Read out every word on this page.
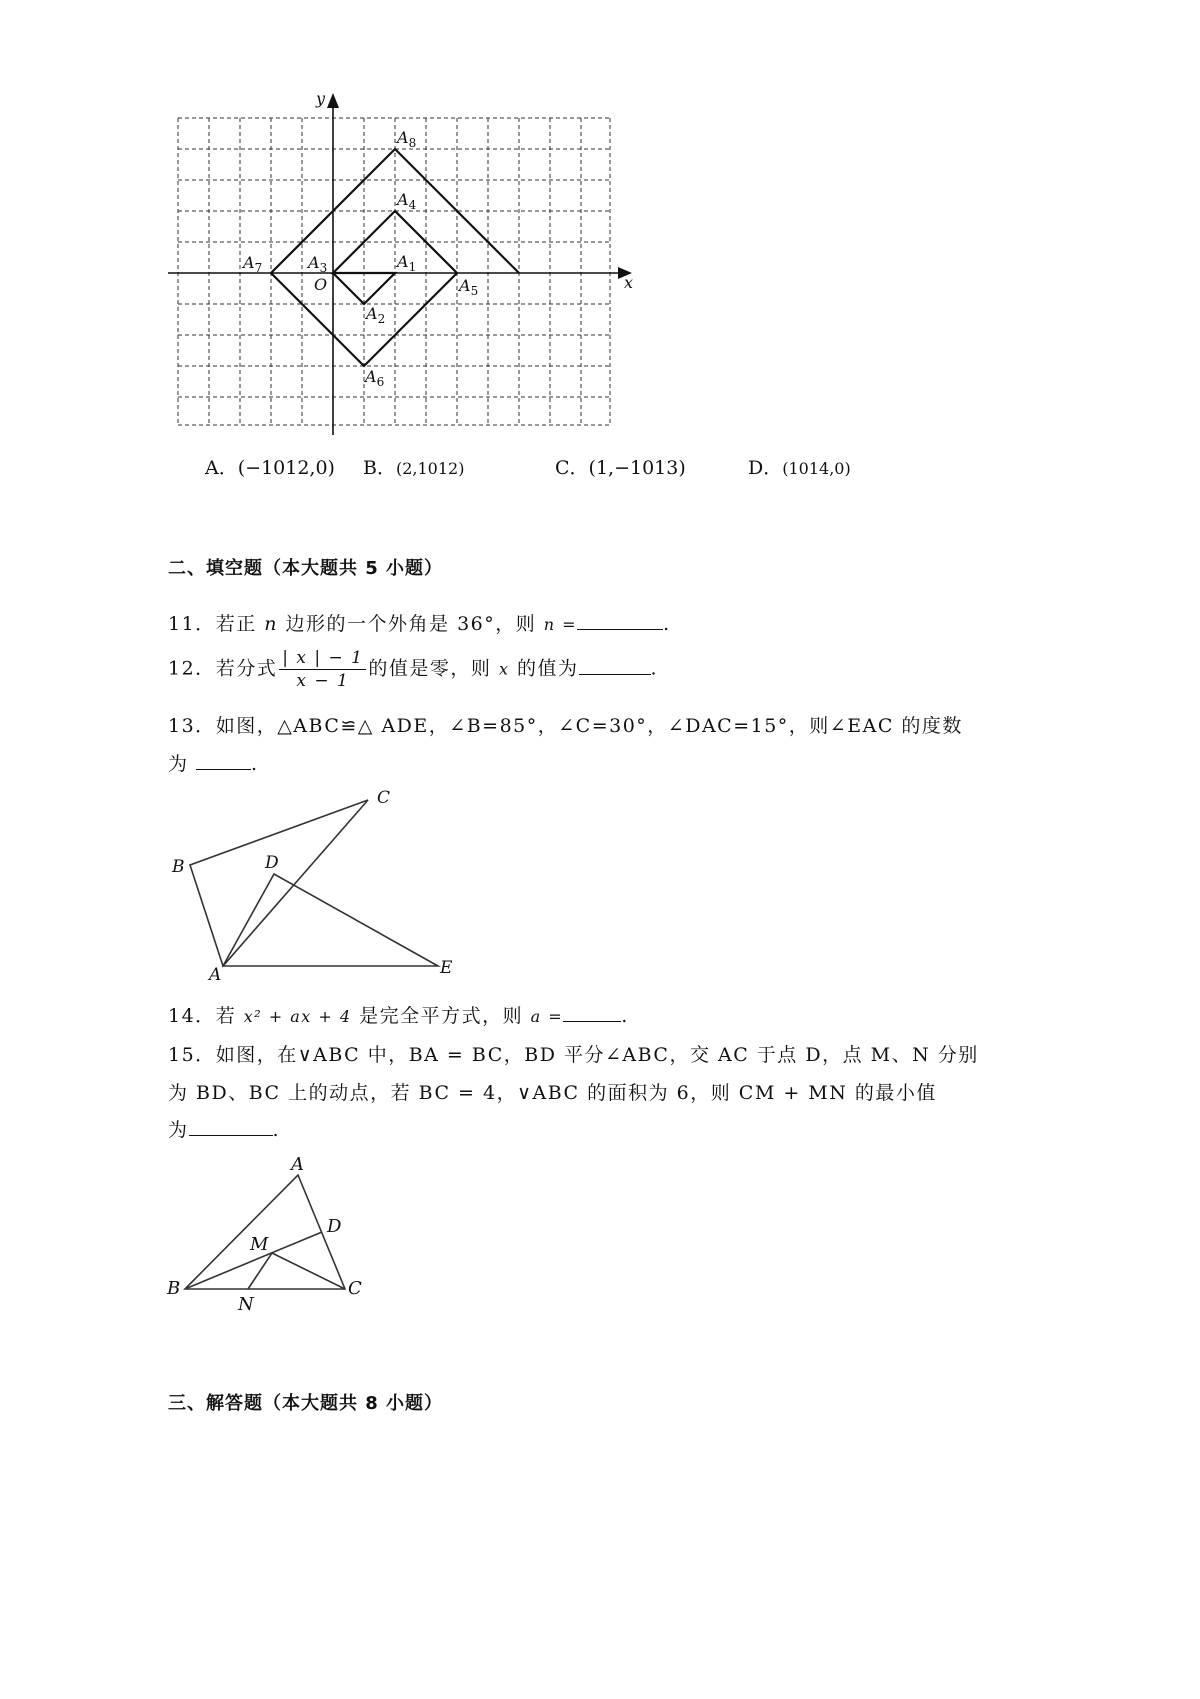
x
y
O
$A_1$
$A_2$
$A_3$
$A_4$
$A_5$
$A_6$
$A_7$
$A_8$
A．(−1012,0) B．(2,1012)	C．(1,−1013)	D．(1014,0)
二、填空题（本大题共 5 小题）
11．若正 n 边形的一个外角是 36°，则 n =	.
12．若分式 $\frac{| x | - 1}{x - 1}$ 的值是零，则 x 的值为	.
13．如图，△ABC≌△ ADE，∠B=85°，∠C=30°，∠DAC=15°，则∠EAC 的度数
为	.
A
B
C
D
E
14．若 x² + ax + 4 是完全平方式，则 a =	.
15．如图，在∨ABC 中，BA = BC，BD 平分∠ABC，交 AC 于点 D，点 M、N 分别
为 BD、BC 上的动点，若 BC = 4，∨ABC 的面积为 6，则 CM + MN 的最小值
为	.
A
B	C
D
M
N
三、解答题（本大题共 8 小题）
